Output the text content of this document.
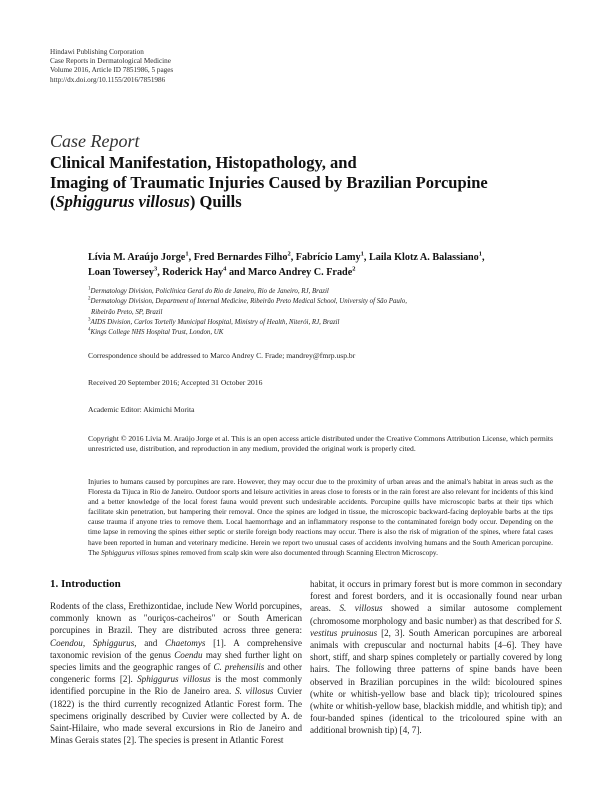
Hindawi Publishing Corporation
Case Reports in Dermatological Medicine
Volume 2016, Article ID 7851986, 5 pages
http://dx.doi.org/10.1155/2016/7851986
Case Report
Clinical Manifestation, Histopathology, and
Imaging of Traumatic Injuries Caused by Brazilian Porcupine
(Sphiggurus villosus) Quills
Lívia M. Araújo Jorge$^1$, Fred Bernardes Filho$^2$, Fabrício Lamy$^1$, Laila Klotz A. Balassiano$^1$,
Loan Towersey$^3$, Roderick Hay$^4$ and Marco Andrey C. Frade$^2$
$^1$Dermatology Division, Policlínica Geral do Rio de Janeiro, Rio de Janeiro, RJ, Brazil
$^2$Dermatology Division, Department of Internal Medicine, Ribeirão Preto Medical School, University of São Paulo,
Ribeirão Preto, SP, Brazil
$^3$AIDS Division, Carlos Tortelly Municipal Hospital, Ministry of Health, Niterói, RJ, Brazil
$^4$Kings College NHS Hospital Trust, London, UK
Correspondence should be addressed to Marco Andrey C. Frade; mandrey@fmrp.usp.br
Received 20 September 2016; Accepted 31 October 2016
Academic Editor: Akimichi Morita
Copyright © 2016 Lívia M. Araújo Jorge et al. This is an open access article distributed under the Creative Commons Attribution License, which permits unrestricted use, distribution, and reproduction in any medium, provided the original work is properly cited.
Injuries to humans caused by porcupines are rare. However, they may occur due to the proximity of urban areas and the animal's habitat in areas such as the Floresta da Tijuca in Rio de Janeiro. Outdoor sports and leisure activities in areas close to forests or in the rain forest are also relevant for incidents of this kind and a better knowledge of the local forest fauna would prevent such undesirable accidents. Porcupine quills have microscopic barbs at their tips which facilitate skin penetration, but hampering their removal. Once the spines are lodged in tissue, the microscopic backward-facing deployable barbs at the tips cause trauma if anyone tries to remove them. Local haemorrhage and an inflammatory response to the contaminated foreign body occur. Depending on the time lapse in removing the spines either septic or sterile foreign body reactions may occur. There is also the risk of migration of the spines, where fatal cases have been reported in human and veterinary medicine. Herein we report two unusual cases of accidents involving humans and the South American porcupine. The Sphiggurus villosus spines removed from scalp skin were also documented through Scanning Electron Microscopy.
1. Introduction
Rodents of the class, Erethizontidae, include New World porcupines, commonly known as "ouriços-cacheiros" or South American porcupines in Brazil. They are distributed across three genera: Coendou, Sphiggurus, and Chaetomys [1]. A comprehensive taxonomic revision of the genus Coendu may shed further light on species limits and the geographic ranges of C. prehensilis and other congeneric forms [2]. Sphiggurus villosus is the most commonly identified porcupine in the Rio de Janeiro area. S. villosus Cuvier (1822) is the third currently recognized Atlantic Forest form. The specimens originally described by Cuvier were collected by A. de Saint-Hilaire, who made several excursions in Rio de Janeiro and Minas Gerais states [2]. The species is present in Atlantic Forest
habitat, it occurs in primary forest but is more common in secondary forest and forest borders, and it is occasionally found near urban areas. S. villosus showed a similar autosome complement (chromosome morphology and basic number) as that described for S. vestitus pruinosus [2, 3]. South American porcupines are arboreal animals with crepuscular and nocturnal habits [4–6]. They have short, stiff, and sharp spines completely or partially covered by long hairs. The following three patterns of spine bands have been observed in Brazilian porcupines in the wild: bicoloured spines (white or whitish-yellow base and black tip); tricoloured spines (white or whitish-yellow base, blackish middle, and whitish tip); and four-banded spines (identical to the tricoloured spine with an additional brownish tip) [4, 7].
